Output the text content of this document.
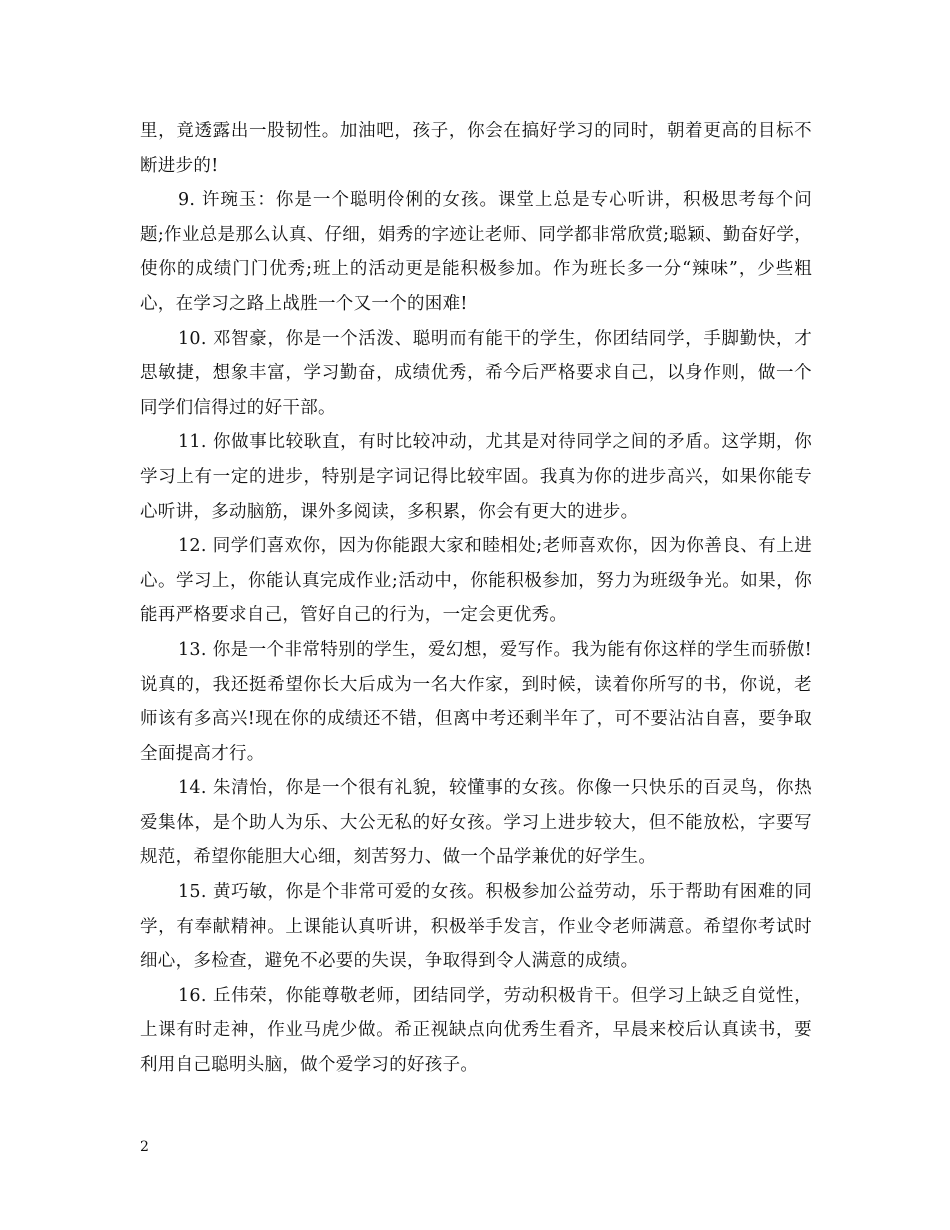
里，竟透露出一股韧性。加油吧，孩子，你会在搞好学习的同时，朝着更高的目标不断进步的!

9. 许琬玉：你是一个聪明伶俐的女孩。课堂上总是专心听讲，积极思考每个问题;作业总是那么认真、仔细，娟秀的字迹让老师、同学都非常欣赏;聪颖、勤奋好学，使你的成绩门门优秀;班上的活动更是能积极参加。作为班长多一分“辣味”，少些粗心，在学习之路上战胜一个又一个的困难!

10. 邓智豪，你是一个活泼、聪明而有能干的学生，你团结同学，手脚勤快，才思敏捷，想象丰富，学习勤奋，成绩优秀，希今后严格要求自己，以身作则，做一个同学们信得过的好干部。

11. 你做事比较耿直，有时比较冲动，尤其是对待同学之间的矛盾。这学期，你学习上有一定的进步，特别是字词记得比较牢固。我真为你的进步高兴，如果你能专心听讲，多动脑筋，课外多阅读，多积累，你会有更大的进步。

12. 同学们喜欢你，因为你能跟大家和睦相处;老师喜欢你，因为你善良、有上进心。学习上，你能认真完成作业;活动中，你能积极参加，努力为班级争光。如果，你能再严格要求自己，管好自己的行为，一定会更优秀。

13. 你是一个非常特别的学生，爱幻想，爱写作。我为能有你这样的学生而骄傲!说真的，我还挺希望你长大后成为一名大作家，到时候，读着你所写的书，你说，老师该有多高兴!现在你的成绩还不错，但离中考还剩半年了，可不要沾沾自喜，要争取全面提高才行。

14. 朱清怡，你是一个很有礼貌，较懂事的女孩。你像一只快乐的百灵鸟，你热爱集体，是个助人为乐、大公无私的好女孩。学习上进步较大，但不能放松，字要写规范，希望你能胆大心细，刻苦努力、做一个品学兼优的好学生。

15. 黄巧敏，你是个非常可爱的女孩。积极参加公益劳动，乐于帮助有困难的同学，有奉献精神。上课能认真听讲，积极举手发言，作业令老师满意。希望你考试时细心，多检查，避免不必要的失误，争取得到令人满意的成绩。

16. 丘伟荣，你能尊敬老师，团结同学，劳动积极肯干。但学习上缺乏自觉性，上课有时走神，作业马虎少做。希正视缺点向优秀生看齐，早晨来校后认真读书，要利用自己聪明头脑，做个爱学习的好孩子。

2
